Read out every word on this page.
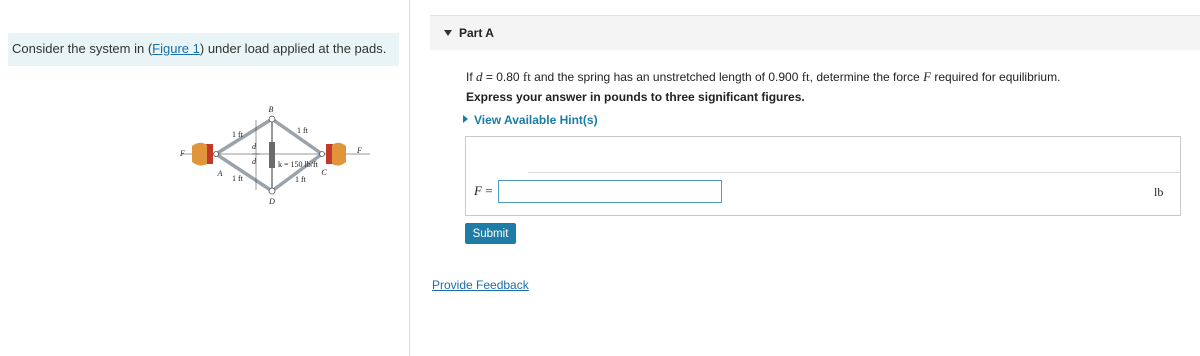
Consider the system in (Figure 1) under load applied at the pads.
B
D
A	C
F	F
1 ft
1 ft
1 ft
1 ft
d
d	k = 150 lb/ft
Part A
If d = 0.80 ft and the spring has an unstretched length of 0.900 ft, determine the force F required for equilibrium.
Express your answer in pounds to three significant figures.
View Available Hint(s)
F =	lb
Submit
Provide Feedback
